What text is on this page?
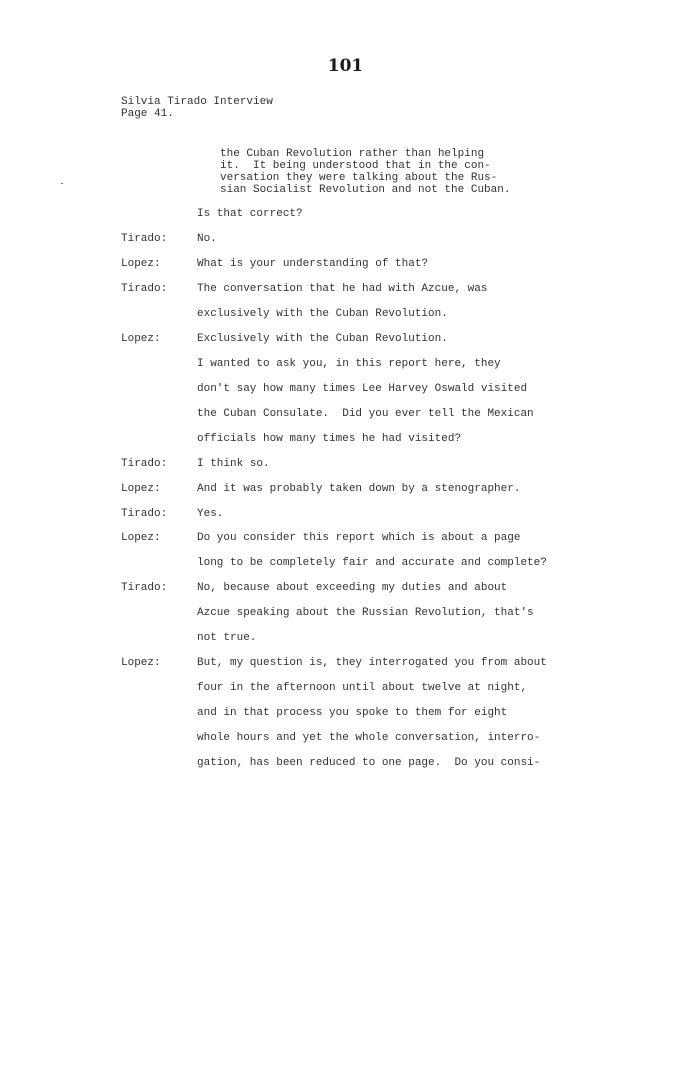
101
Silvia Tirado Interview
Page 41.
the Cuban Revolution rather than helping
it.  It being understood that in the con-
versation they were talking about the Rus-
sian Socialist Revolution and not the Cuban.
Is that correct?
Tirado:	No.
Lopez:	What is your understanding of that?
Tirado:	The conversation that he had with Azcue, was
exclusively with the Cuban Revolution.
Lopez:	Exclusively with the Cuban Revolution.
I wanted to ask you, in this report here, they
don't say how many times Lee Harvey Oswald visited
the Cuban Consulate.  Did you ever tell the Mexican
officials how many times he had visited?
Tirado:	I think so.
Lopez:	And it was probably taken down by a stenographer.
Tirado:	Yes.
Lopez:	Do you consider this report which is about a page
long to be completely fair and accurate and complete?
Tirado:	No, because about exceeding my duties and about
Azcue speaking about the Russian Revolution, that's
not true.
Lopez:	But, my question is, they interrogated you from about
four in the afternoon until about twelve at night,
and in that process you spoke to them for eight
whole hours and yet the whole conversation, interro-
gation, has been reduced to one page.  Do you consi-
